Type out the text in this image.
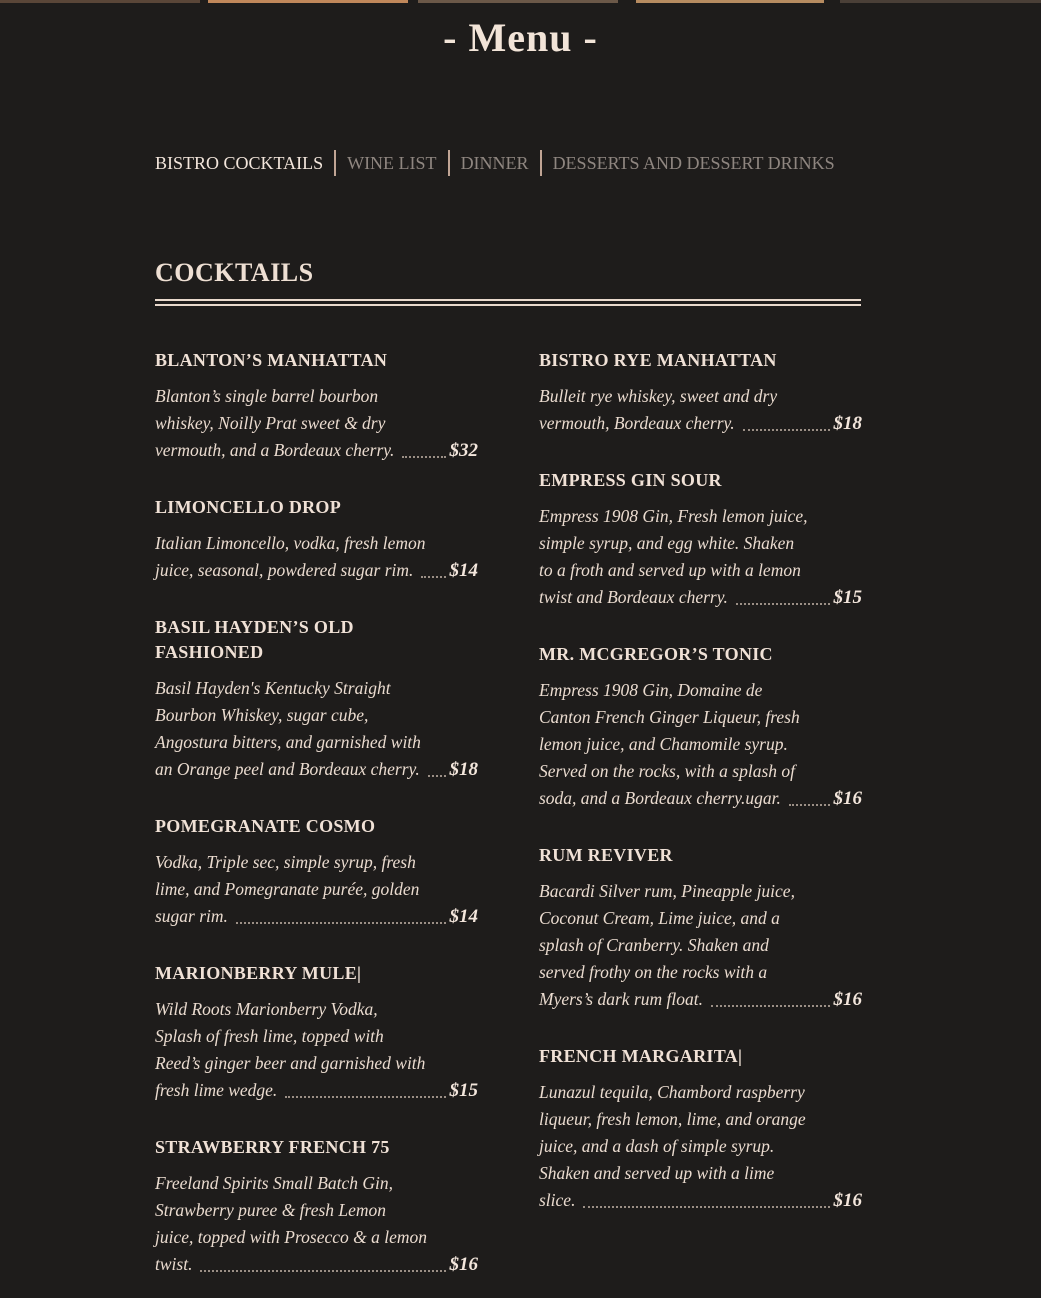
- Menu -
BISTRO COCKTAILS WINE LIST DINNER DESSERTS AND DESSERT DRINKS
COCKTAILS
BLANTON’S MANHATTAN

Blanton’s single barrel bourbon whiskey, Noilly Prat sweet & dry vermouth, and a Bordeaux cherry.	$32
LIMONCELLO DROP

Italian Limoncello, vodka, fresh lemon juice, seasonal, powdered sugar rim.	$14
BASIL HAYDEN’S OLD FASHIONED

Basil Hayden's Kentucky Straight Bourbon Whiskey, sugar cube, Angostura bitters, and garnished with an Orange peel and Bordeaux cherry.	$18
POMEGRANATE COSMO

Vodka, Triple sec, simple syrup, fresh lime, and Pomegranate purée, golden sugar rim.	$14
MARIONBERRY MULE|

Wild Roots Marionberry Vodka, Splash of fresh lime, topped with Reed’s ginger beer and garnished with fresh lime wedge.	$15
STRAWBERRY FRENCH 75

Freeland Spirits Small Batch Gin, Strawberry puree & fresh Lemon juice, topped with Prosecco & a lemon twist.	$16
BISTRO RYE MANHATTAN

Bulleit rye whiskey, sweet and dry vermouth, Bordeaux cherry.	$18
EMPRESS GIN SOUR

Empress 1908 Gin, Fresh lemon juice, simple syrup, and egg white. Shaken to a froth and served up with a lemon twist and Bordeaux cherry.	$15
MR. MCGREGOR’S TONIC

Empress 1908 Gin, Domaine de Canton French Ginger Liqueur, fresh lemon juice, and Chamomile syrup. Served on the rocks, with a splash of soda, and a Bordeaux cherry.ugar.	$16
RUM REVIVER

Bacardi Silver rum, Pineapple juice, Coconut Cream, Lime juice, and a splash of Cranberry. Shaken and served frothy on the rocks with a Myers’s dark rum float.	$16
FRENCH MARGARITA|

Lunazul tequila, Chambord raspberry liqueur, fresh lemon, lime, and orange juice, and a dash of simple syrup. Shaken and served up with a lime slice.	$16
